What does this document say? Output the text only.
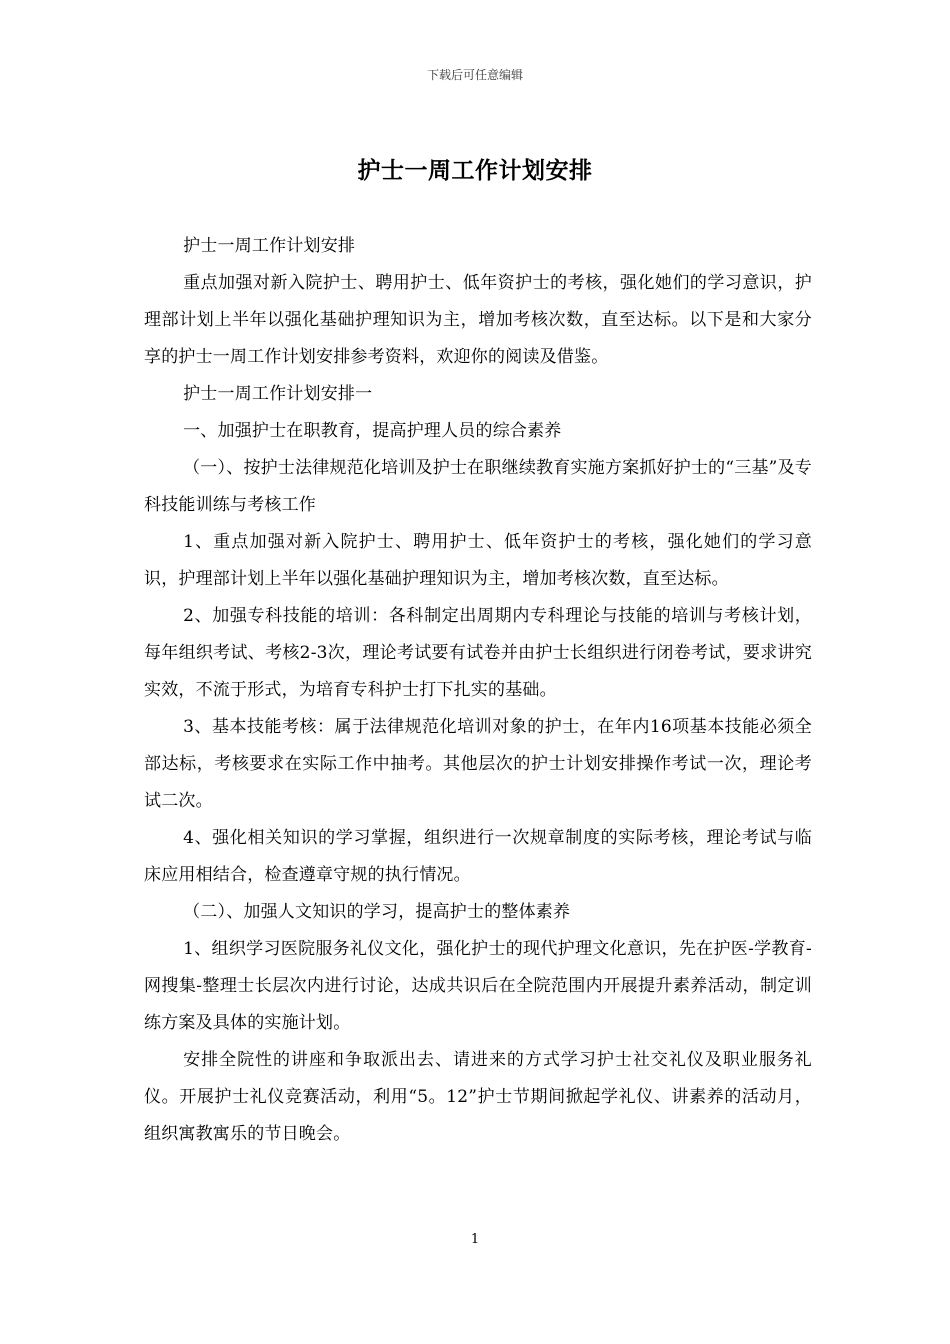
下载后可任意编辑
护士一周工作计划安排

护士一周工作计划安排

重点加强对新入院护士、聘用护士、低年资护士的考核，强化她们的学习意识，护理部计划上半年以强化基础护理知识为主，增加考核次数，直至达标。以下是和大家分享的护士一周工作计划安排参考资料，欢迎你的阅读及借鉴。

护士一周工作计划安排一

一、加强护士在职教育，提高护理人员的综合素养

（一）、按护士法律规范化培训及护士在职继续教育实施方案抓好护士的“三基”及专科技能训练与考核工作

1、重点加强对新入院护士、聘用护士、低年资护士的考核，强化她们的学习意识，护理部计划上半年以强化基础护理知识为主，增加考核次数，直至达标。

2、加强专科技能的培训：各科制定出周期内专科理论与技能的培训与考核计划，每年组织考试、考核2-3次，理论考试要有试卷并由护士长组织进行闭卷考试，要求讲究实效，不流于形式，为培育专科护士打下扎实的基础。

3、基本技能考核：属于法律规范化培训对象的护士，在年内16项基本技能必须全部达标，考核要求在实际工作中抽考。其他层次的护士计划安排操作考试一次，理论考试二次。

4、强化相关知识的学习掌握，组织进行一次规章制度的实际考核，理论考试与临床应用相结合，检查遵章守规的执行情况。

（二）、加强人文知识的学习，提高护士的整体素养

1、组织学习医院服务礼仪文化，强化护士的现代护理文化意识，先在护医-学教育-网搜集-整理士长层次内进行讨论，达成共识后在全院范围内开展提升素养活动，制定训练方案及具体的实施计划。

安排全院性的讲座和争取派出去、请进来的方式学习护士社交礼仪及职业服务礼仪。开展护士礼仪竞赛活动，利用“5。12”护士节期间掀起学礼仪、讲素养的活动月，组织寓教寓乐的节日晚会。

1
